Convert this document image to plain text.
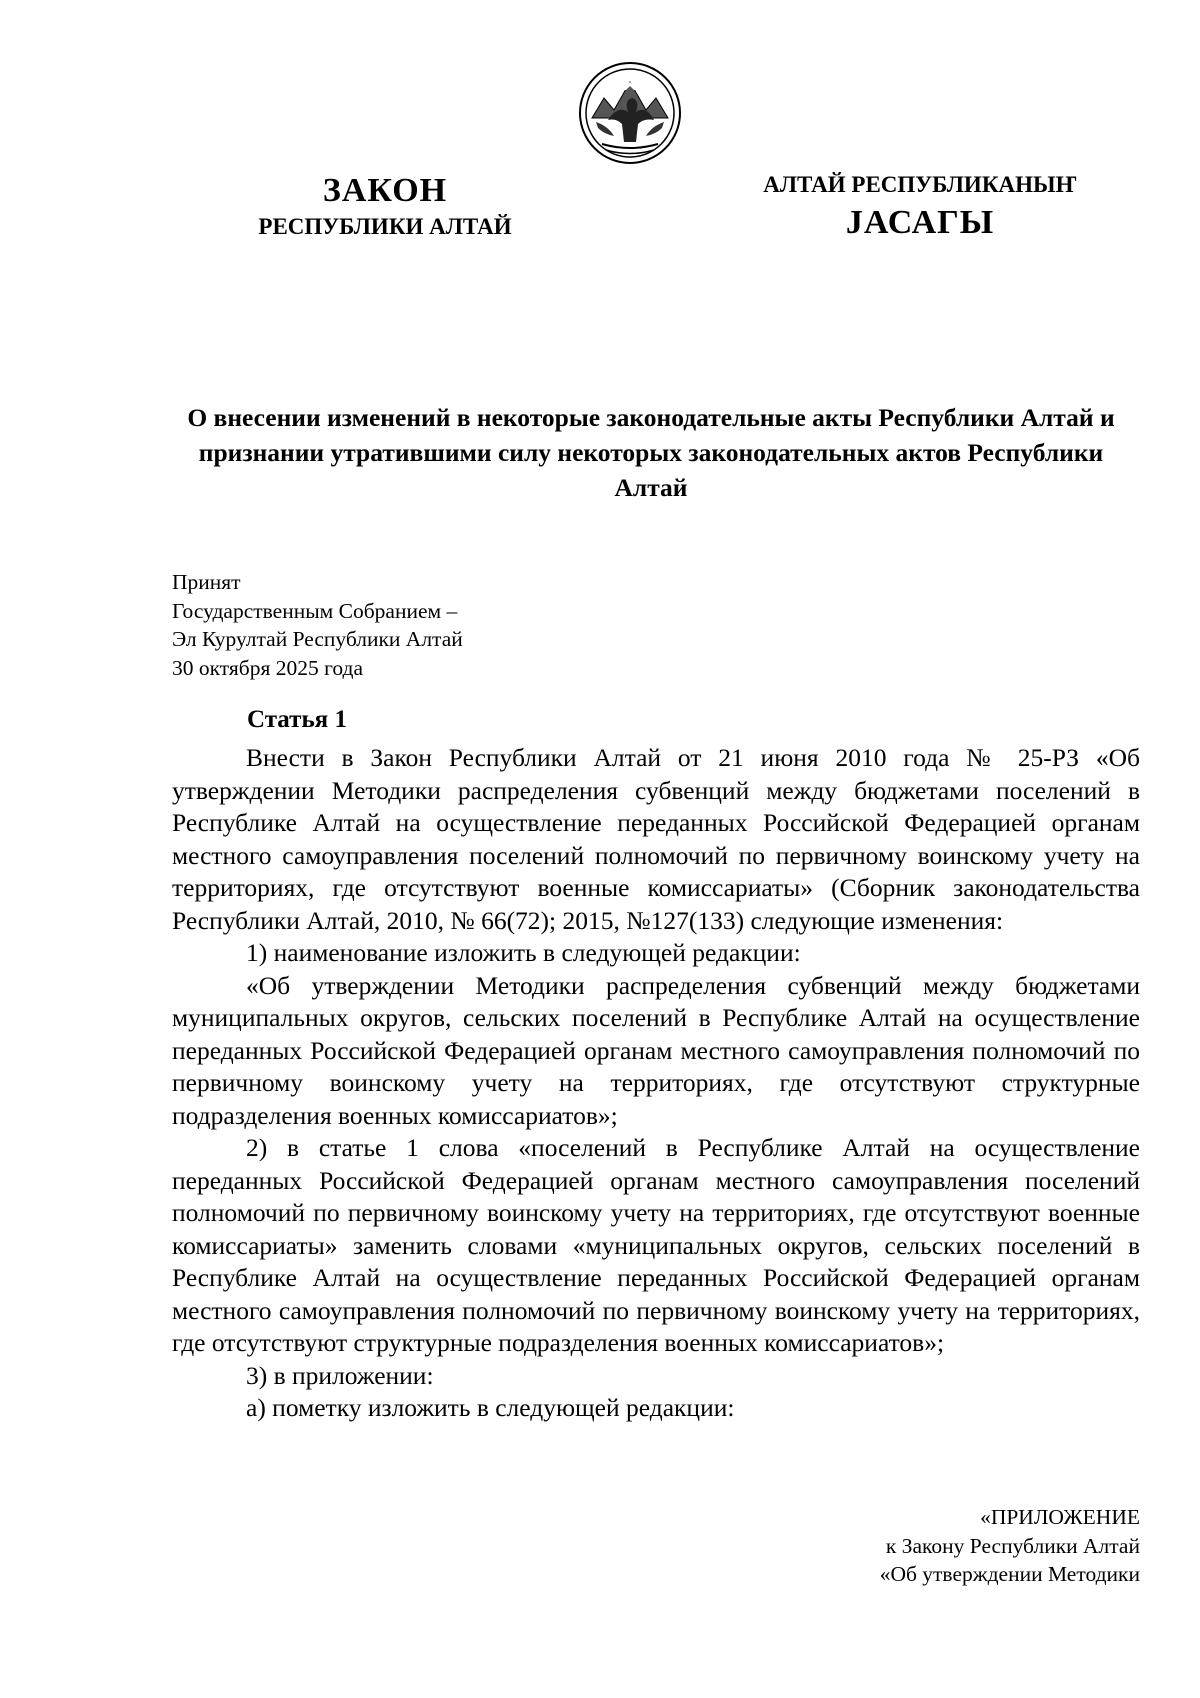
ЗАКОН
РЕСПУБЛИКИ АЛТАЙ
АЛТАЙ РЕСПУБЛИКАНЫҤ
JАСАГЫ
О внесении изменений в некоторые законодательные акты Республики Алтай и признании утратившими силу некоторых законодательных актов Республики Алтай
Принят
Государственным Собранием –
Эл Курултай Республики Алтай
30 октября 2025 года
Статья 1

Внести в Закон Республики Алтай от 21 июня 2010 года № 25-РЗ «Об утверждении Методики распределения субвенций между бюджетами поселений в Республике Алтай на осуществление переданных Российской Федерацией органам местного самоуправления поселений полномочий по первичному воинскому учету на территориях, где отсутствуют военные комиссариаты» (Сборник законодательства Республики Алтай, 2010, № 66(72); 2015, №127(133) следующие изменения:

1) наименование изложить в следующей редакции:

«Об утверждении Методики распределения субвенций между бюджетами муниципальных округов, сельских поселений в Республике Алтай на осуществление переданных Российской Федерацией органам местного самоуправления полномочий по первичному воинскому учету на территориях, где отсутствуют структурные подразделения военных комиссариатов»;

2) в статье 1 слова «поселений в Республике Алтай на осуществление переданных Российской Федерацией органам местного самоуправления поселений полномочий по первичному воинскому учету на территориях, где отсутствуют военные комиссариаты» заменить словами «муниципальных округов, сельских поселений в Республике Алтай на осуществление переданных Российской Федерацией органам местного самоуправления полномочий по первичному воинскому учету на территориях, где отсутствуют структурные подразделения военных комиссариатов»;

3) в приложении:

а) пометку изложить в следующей редакции:

«ПРИЛОЖЕНИЕ
к Закону Республики Алтай
«Об утверждении Методики
